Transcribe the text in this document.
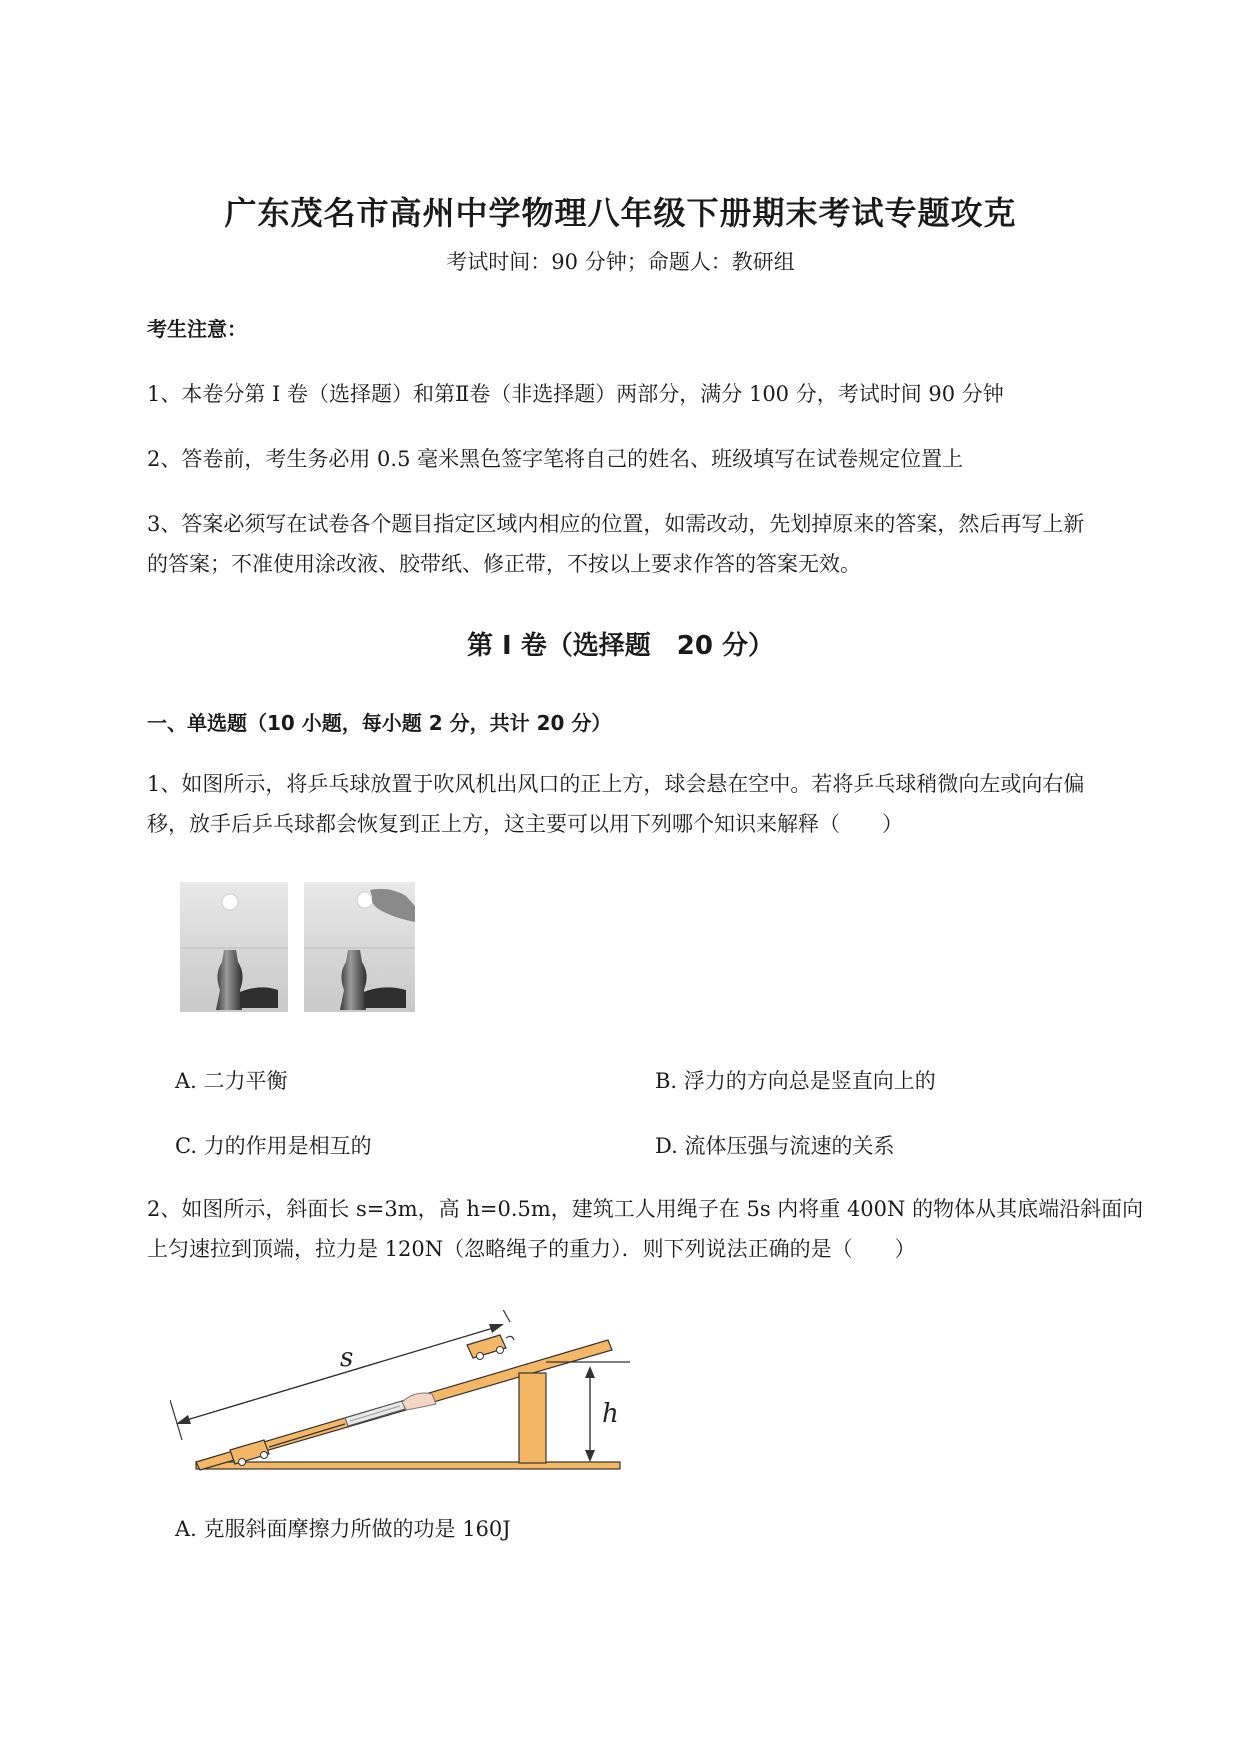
广东茂名市高州中学物理八年级下册期末考试专题攻克
考试时间：90 分钟；命题人：教研组
考生注意：
1、本卷分第 I 卷（选择题）和第Ⅱ卷（非选择题）两部分，满分 100 分，考试时间 90 分钟
2、答卷前，考生务必用 0.5 毫米黑色签字笔将自己的姓名、班级填写在试卷规定位置上
3、答案必须写在试卷各个题目指定区域内相应的位置，如需改动，先划掉原来的答案，然后再写上新
的答案；不准使用涂改液、胶带纸、修正带，不按以上要求作答的答案无效。
第 I 卷（选择题　20 分）
一、单选题（10 小题，每小题 2 分，共计 20 分）
1、如图所示，将乒乓球放置于吹风机出风口的正上方，球会悬在空中。若将乒乓球稍微向左或向右偏
移，放手后乒乓球都会恢复到正上方，这主要可以用下列哪个知识来解释（　　）
A. 二力平衡	B. 浮力的方向总是竖直向上的
C. 力的作用是相互的	D. 流体压强与流速的关系
2、如图所示，斜面长 s=3m，高 h=0.5m，建筑工人用绳子在 5s 内将重 400N 的物体从其底端沿斜面向
上匀速拉到顶端，拉力是 120N（忽略绳子的重力）．则下列说法正确的是（　　）
h
s
A. 克服斜面摩擦力所做的功是 160J
